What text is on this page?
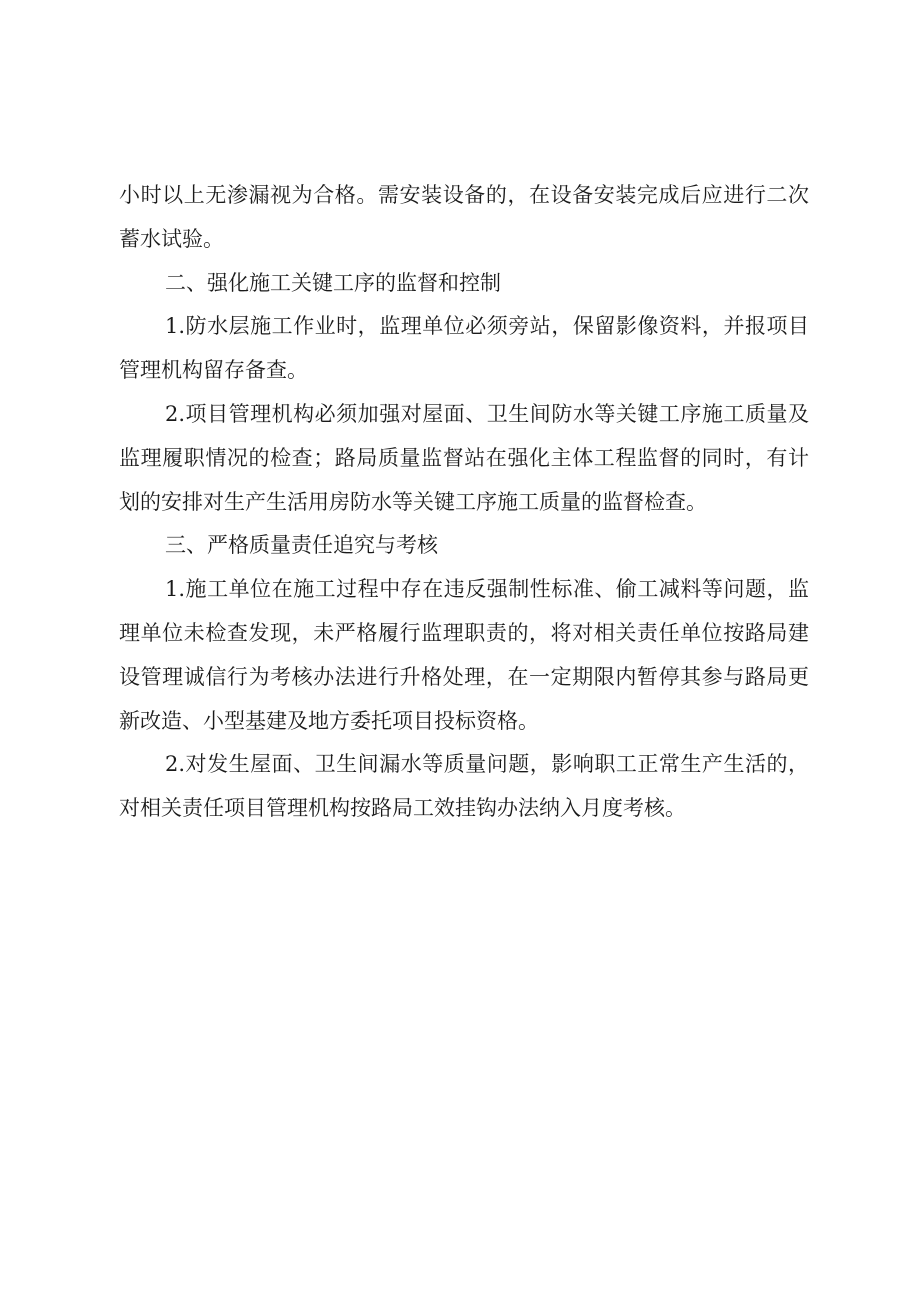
小时以上无渗漏视为合格。需安装设备的，在设备安装完成后应进行二次蓄水试验。

二、强化施工关键工序的监督和控制

1.防水层施工作业时，监理单位必须旁站，保留影像资料，并报项目管理机构留存备查。

2.项目管理机构必须加强对屋面、卫生间防水等关键工序施工质量及监理履职情况的检查；路局质量监督站在强化主体工程监督的同时，有计划的安排对生产生活用房防水等关键工序施工质量的监督检查。

三、严格质量责任追究与考核

1.施工单位在施工过程中存在违反强制性标准、偷工减料等问题，监理单位未检查发现，未严格履行监理职责的，将对相关责任单位按路局建设管理诚信行为考核办法进行升格处理，在一定期限内暂停其参与路局更新改造、小型基建及地方委托项目投标资格。

2.对发生屋面、卫生间漏水等质量问题，影响职工正常生产生活的，对相关责任项目管理机构按路局工效挂钩办法纳入月度考核。
